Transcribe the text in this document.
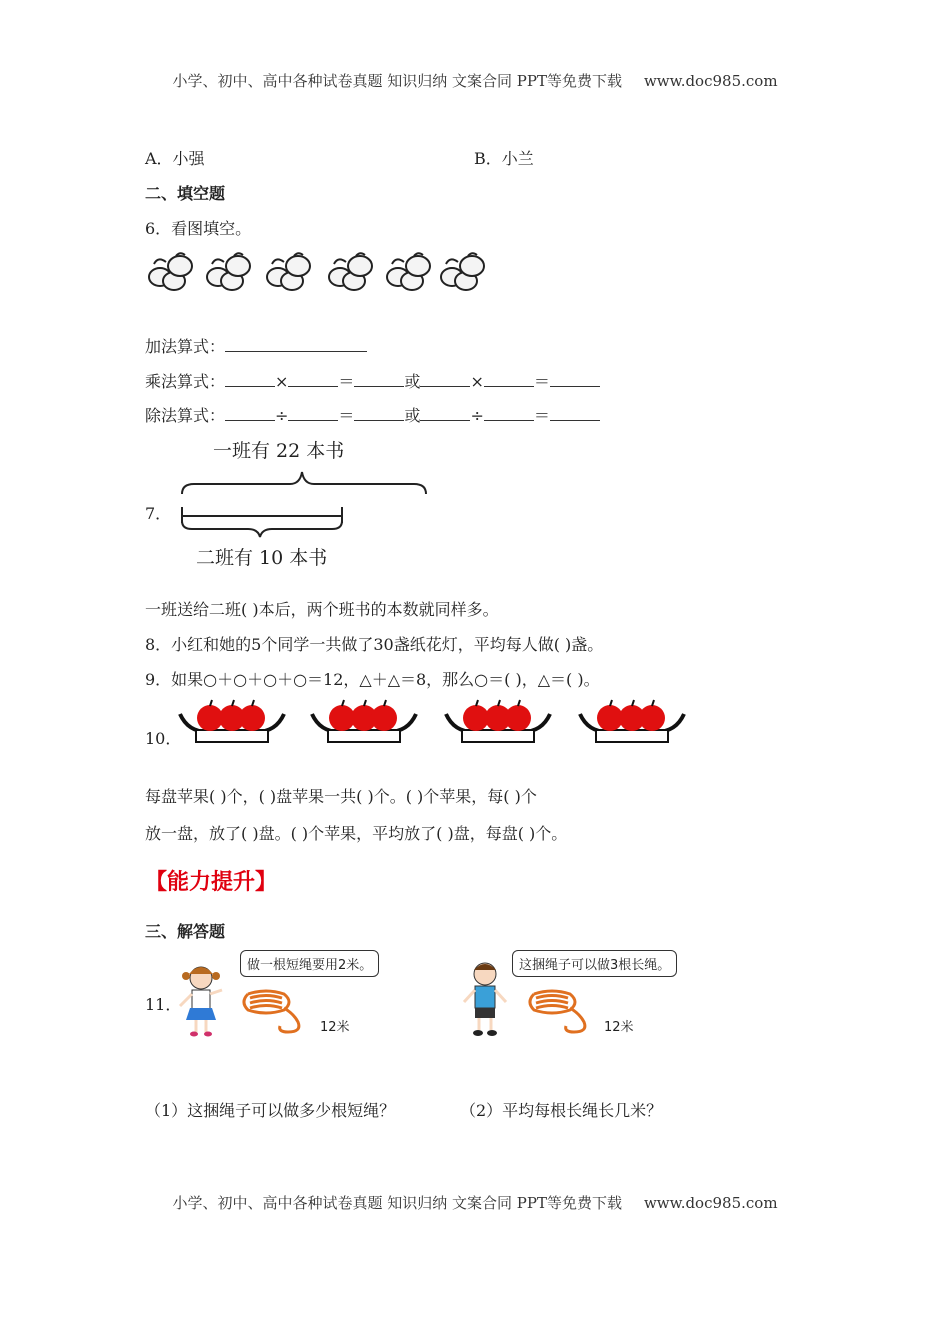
小学、初中、高中各种试卷真题 知识归纳 文案合同 PPT等免费下载 www.doc985.com
A．小强	B．小兰
二、填空题
6．看图填空。
加法算式：
乘法算式：	×	＝	或	×	＝
除法算式：	÷	＝	或	÷	＝
7．
一班有 22 本书
二班有 10 本书
一班送给二班( )本后，两个班书的本数就同样多。
8．小红和她的5个同学一共做了30盏纸花灯，平均每人做( )盏。
9．如果○＋○＋○＋○＝12，△＋△＝8，那么○＝( )，△＝( )。
10．
每盘苹果( )个，( )盘苹果一共( )个。( )个苹果，每( )个
放一盘，放了( )盘。( )个苹果，平均放了( )盘，每盘( )个。
【能力提升】
三、解答题
11．
做一根短绳要用2米。
12米
这捆绳子可以做3根长绳。
12米
（1）这捆绳子可以做多少根短绳？	（2）平均每根长绳长几米？
小学、初中、高中各种试卷真题 知识归纳 文案合同 PPT等免费下载 www.doc985.com
